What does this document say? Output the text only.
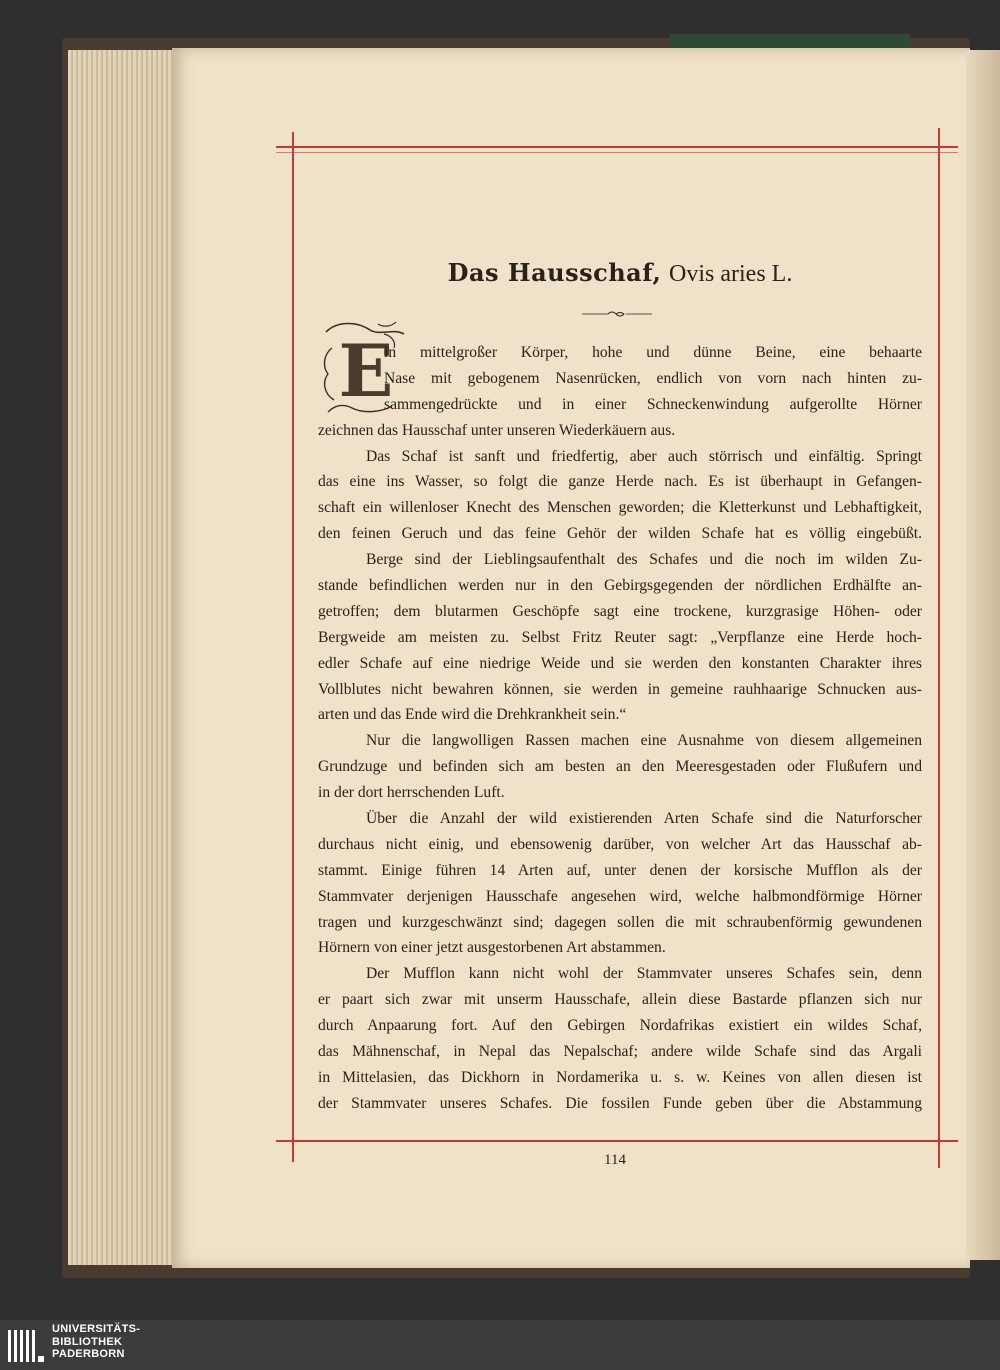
Das Hausschaf, Ovis aries L.
E
in mittelgroßer Körper, hohe und dünne Beine, eine behaarte
Nase mit gebogenem Nasenrücken, endlich von vorn nach hinten zu-
sammengedrückte und in einer Schneckenwindung aufgerollte Hörner
zeichnen das Hausschaf unter unseren Wiederkäuern aus.
Das Schaf ist sanft und friedfertig, aber auch störrisch und einfältig. Springt
das eine ins Wasser, so folgt die ganze Herde nach. Es ist überhaupt in Gefangen-
schaft ein willenloser Knecht des Menschen geworden; die Kletterkunst und Lebhaftigkeit,
den feinen Geruch und das feine Gehör der wilden Schafe hat es völlig eingebüßt.
Berge sind der Lieblingsaufenthalt des Schafes und die noch im wilden Zu-
stande befindlichen werden nur in den Gebirgsgegenden der nördlichen Erdhälfte an-
getroffen; dem blutarmen Geschöpfe sagt eine trockene, kurzgrasige Höhen- oder
Bergweide am meisten zu. Selbst Fritz Reuter sagt: „Verpflanze eine Herde hoch-
edler Schafe auf eine niedrige Weide und sie werden den konstanten Charakter ihres
Vollblutes nicht bewahren können, sie werden in gemeine rauhhaarige Schnucken aus-
arten und das Ende wird die Drehkrankheit sein.“
Nur die langwolligen Rassen machen eine Ausnahme von diesem allgemeinen
Grundzuge und befinden sich am besten an den Meeresgestaden oder Flußufern und
in der dort herrschenden Luft.
Über die Anzahl der wild existierenden Arten Schafe sind die Naturforscher
durchaus nicht einig, und ebensowenig darüber, von welcher Art das Hausschaf ab-
stammt. Einige führen 14 Arten auf, unter denen der korsische Mufflon als der
Stammvater derjenigen Hausschafe angesehen wird, welche halbmondförmige Hörner
tragen und kurzgeschwänzt sind; dagegen sollen die mit schraubenförmig gewundenen
Hörnern von einer jetzt ausgestorbenen Art abstammen.
Der Mufflon kann nicht wohl der Stammvater unseres Schafes sein, denn
er paart sich zwar mit unserm Hausschafe, allein diese Bastarde pflanzen sich nur
durch Anpaarung fort. Auf den Gebirgen Nordafrikas existiert ein wildes Schaf,
das Mähnenschaf, in Nepal das Nepalschaf; andere wilde Schafe sind das Argali
in Mittelasien, das Dickhorn in Nordamerika u. s. w. Keines von allen diesen ist
der Stammvater unseres Schafes. Die fossilen Funde geben über die Abstammung
114
UNIVERSITÄTS-
BIBLIOTHEK
PADERBORN
